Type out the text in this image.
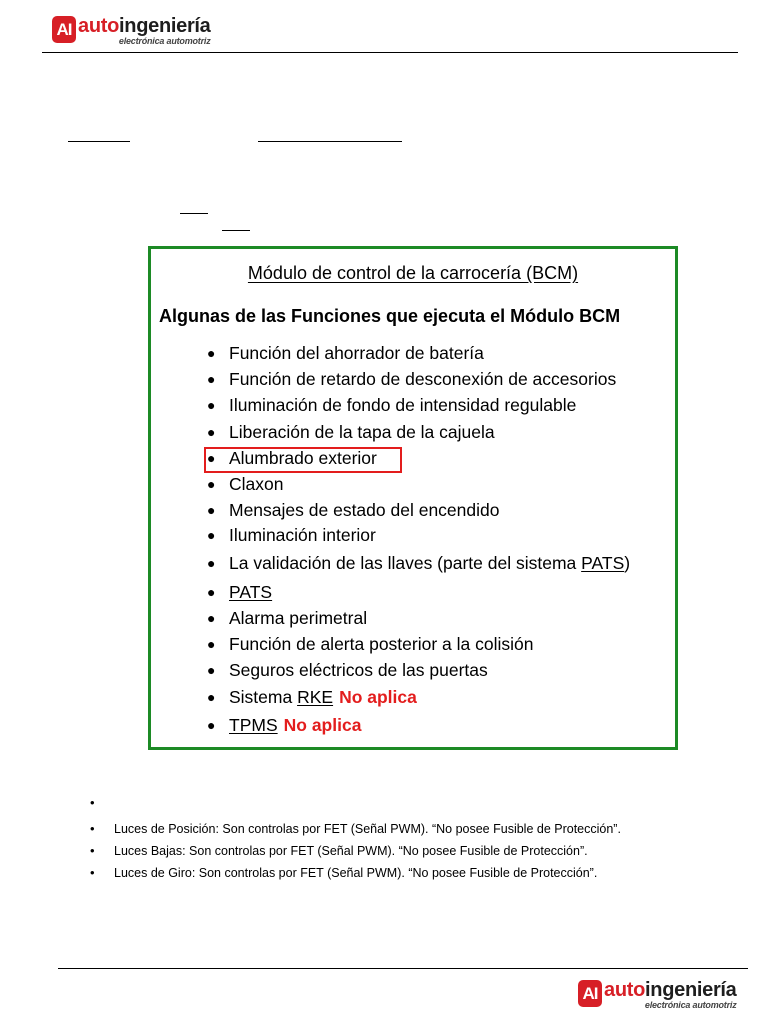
AI autoingeniería
electrónica automotriz
Módulo de control de la carrocería (BCM)
Algunas de las Funciones que ejecuta el Módulo BCM
● Función del ahorrador de batería
● Función de retardo de desconexión de accesorios
● Iluminación de fondo de intensidad regulable
● Liberación de la tapa de la cajuela
● Alumbrado exterior
● Claxon
● Mensajes de estado del encendido
● Iluminación interior
● La validación de las llaves (parte del sistema PATS)
● PATS
● Alarma perimetral
● Función de alerta posterior a la colisión
● Seguros eléctricos de las puertas
● Sistema RKE No aplica
● TPMS No aplica
•
• Luces de Posición: Son controlas por FET (Señal PWM). “No posee Fusible de Protección”.
• Luces Bajas: Son controlas por FET (Señal PWM). “No posee Fusible de Protección”.
• Luces de Giro: Son controlas por FET (Señal PWM). “No posee Fusible de Protección”.
AI autoingeniería
electrónica automotriz
